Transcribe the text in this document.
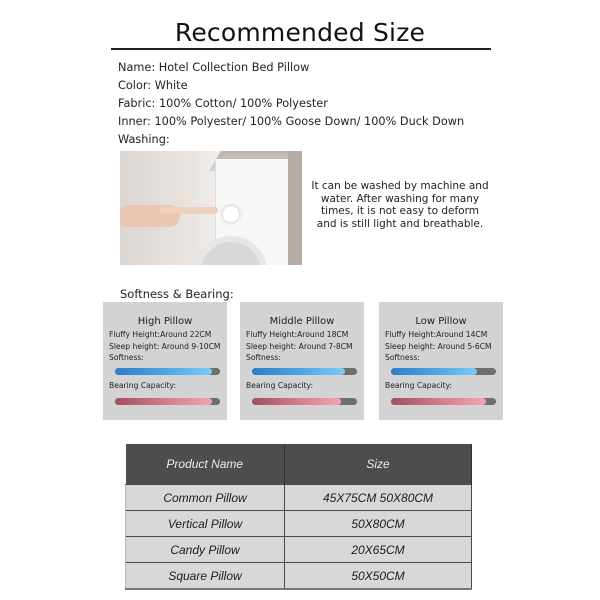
Recommended Size
Name: Hotel Collection Bed Pillow
Color: White
Fabric: 100% Cotton/ 100% Polyester
Inner: 100% Polyester/ 100% Goose Down/ 100% Duck Down
Washing:
It can be washed by machine and water. After washing for many times, it is not easy to deform and is still light and breathable.
Softness & Bearing:
High Pillow
Fluffy Height:Around 22CM
Sleep height: Around 9-10CM
Softness:
Bearing Capacity:
Middle Pillow
Fluffy Height:Around 18CM
Sleep height: Around 7-8CM
Softness:
Bearing Capacity:
Low Pillow
Fluffy Height:Around 14CM
Sleep height: Around 5-6CM
Softness:
Bearing Capacity:
Product Name	Size
Common Pillow	45X75CM 50X80CM
Vertical Pillow	50X80CM
Candy Pillow	20X65CM
Square Pillow	50X50CM
